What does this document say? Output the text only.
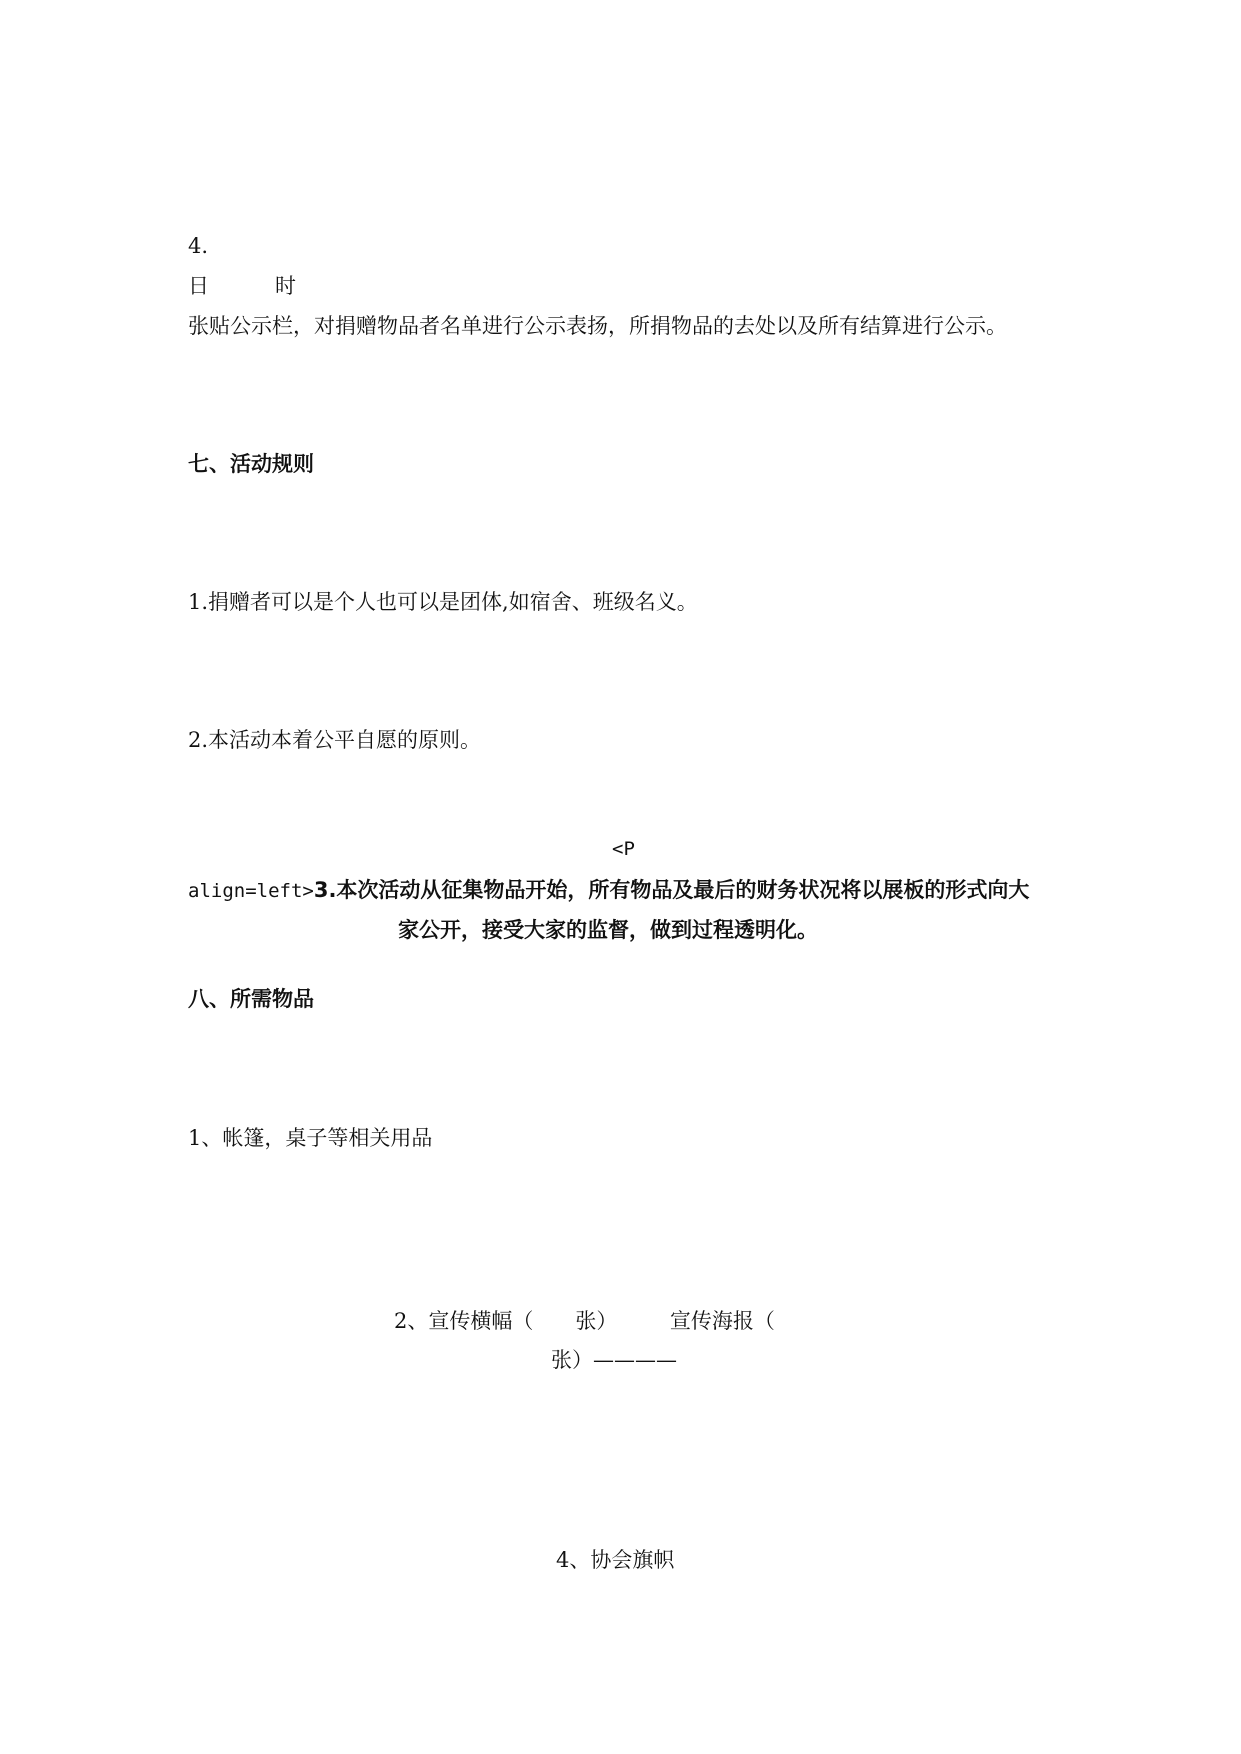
4.

日	时

张贴公示栏，对捐赠物品者名单进行公示表扬，所捐物品的去处以及所有结算进行公示。

七、活动规则

1.捐赠者可以是个人也可以是团体,如宿舍、班级名义。

2.本活动本着公平自愿的原则。

<P

align=left>3.本次活动从征集物品开始，所有物品及最后的财务状况将以展板的形式向大

家公开，接受大家的监督，做到过程透明化。

八、所需物品

1、帐篷，桌子等相关用品

2、宣传横幅（　　张）　　　宣传海报（

张）————

4、协会旗帜
